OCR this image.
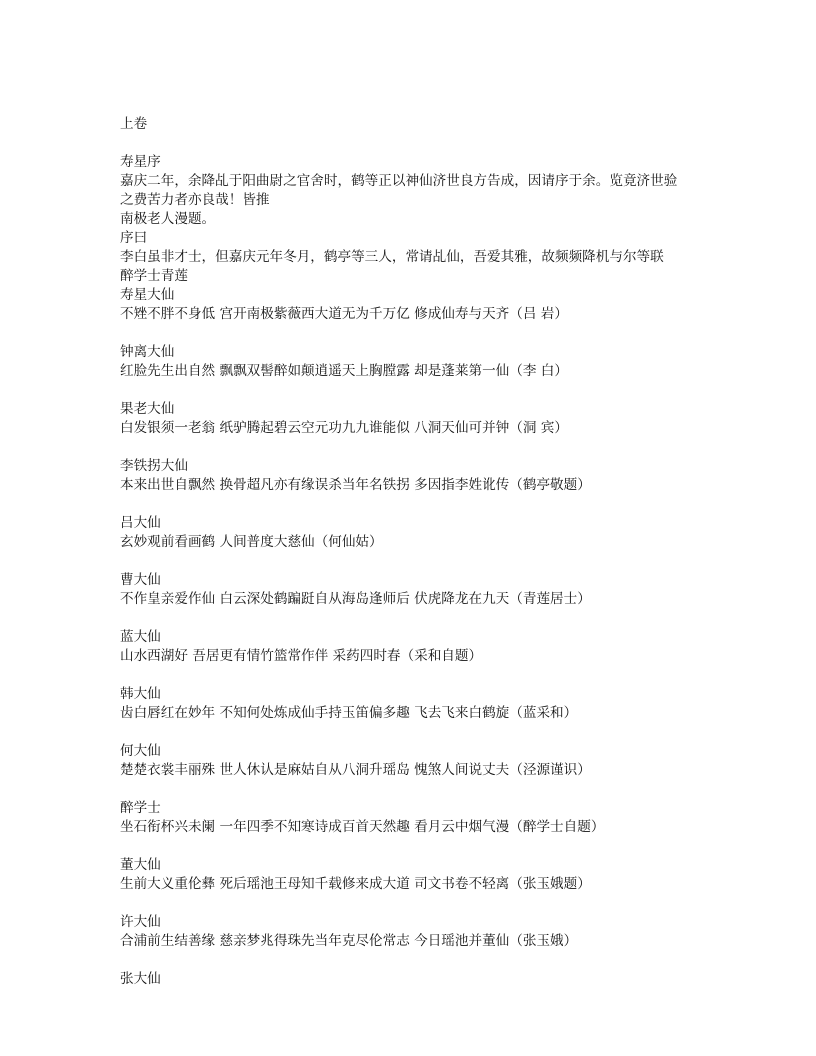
上卷
寿星序
嘉庆二年，余降乩于阳曲尉之官舍时，鹤等正以神仙济世良方告成，因请序于余。览竟济世验
之费苦力者亦良哉！皆推
南极老人漫题。
序曰
李白虽非才士，但嘉庆元年冬月，鹤亭等三人，常请乩仙，吾爱其雅，故频频降机与尔等联
醉学士青莲
寿星大仙
不矬不胖不身低 宫开南极紫薇西大道无为千万亿 修成仙寿与天齐（吕 岩）
钟离大仙
红脸先生出自然 飘飘双髻醉如颠逍遥天上胸膛露 却是蓬莱第一仙（李 白）
果老大仙
白发银须一老翁 纸驴腾起碧云空元功九九谁能似 八洞天仙可并钟（洞 宾）
李铁拐大仙
本来出世自飘然 换骨超凡亦有缘误杀当年名铁拐 多因指李姓讹传（鹤亭敬题）
吕大仙
玄妙观前看画鹤 人间普度大慈仙（何仙姑）
曹大仙
不作皇亲爱作仙 白云深处鹤蹁跹自从海岛逢师后 伏虎降龙在九天（青莲居士）
蓝大仙
山水西湖好 吾居更有情竹篮常作伴 采药四时春（采和自题）
韩大仙
齿白唇红在妙年 不知何处炼成仙手持玉笛偏多趣 飞去飞来白鹤旋（蓝采和）
何大仙
楚楚衣裳丰丽殊 世人休认是麻姑自从八洞升瑶岛 愧煞人间说丈夫（泾源谨识）
醉学士
坐石衔杯兴未阑 一年四季不知寒诗成百首天然趣 看月云中烟气漫（醉学士自题）
董大仙
生前大义重伦彝 死后瑶池王母知千载修来成大道 司文书卷不轻离（张玉娥题）
许大仙
合浦前生结善缘 慈亲梦兆得珠先当年克尽伦常志 今日瑶池并董仙（张玉娥）
张大仙
